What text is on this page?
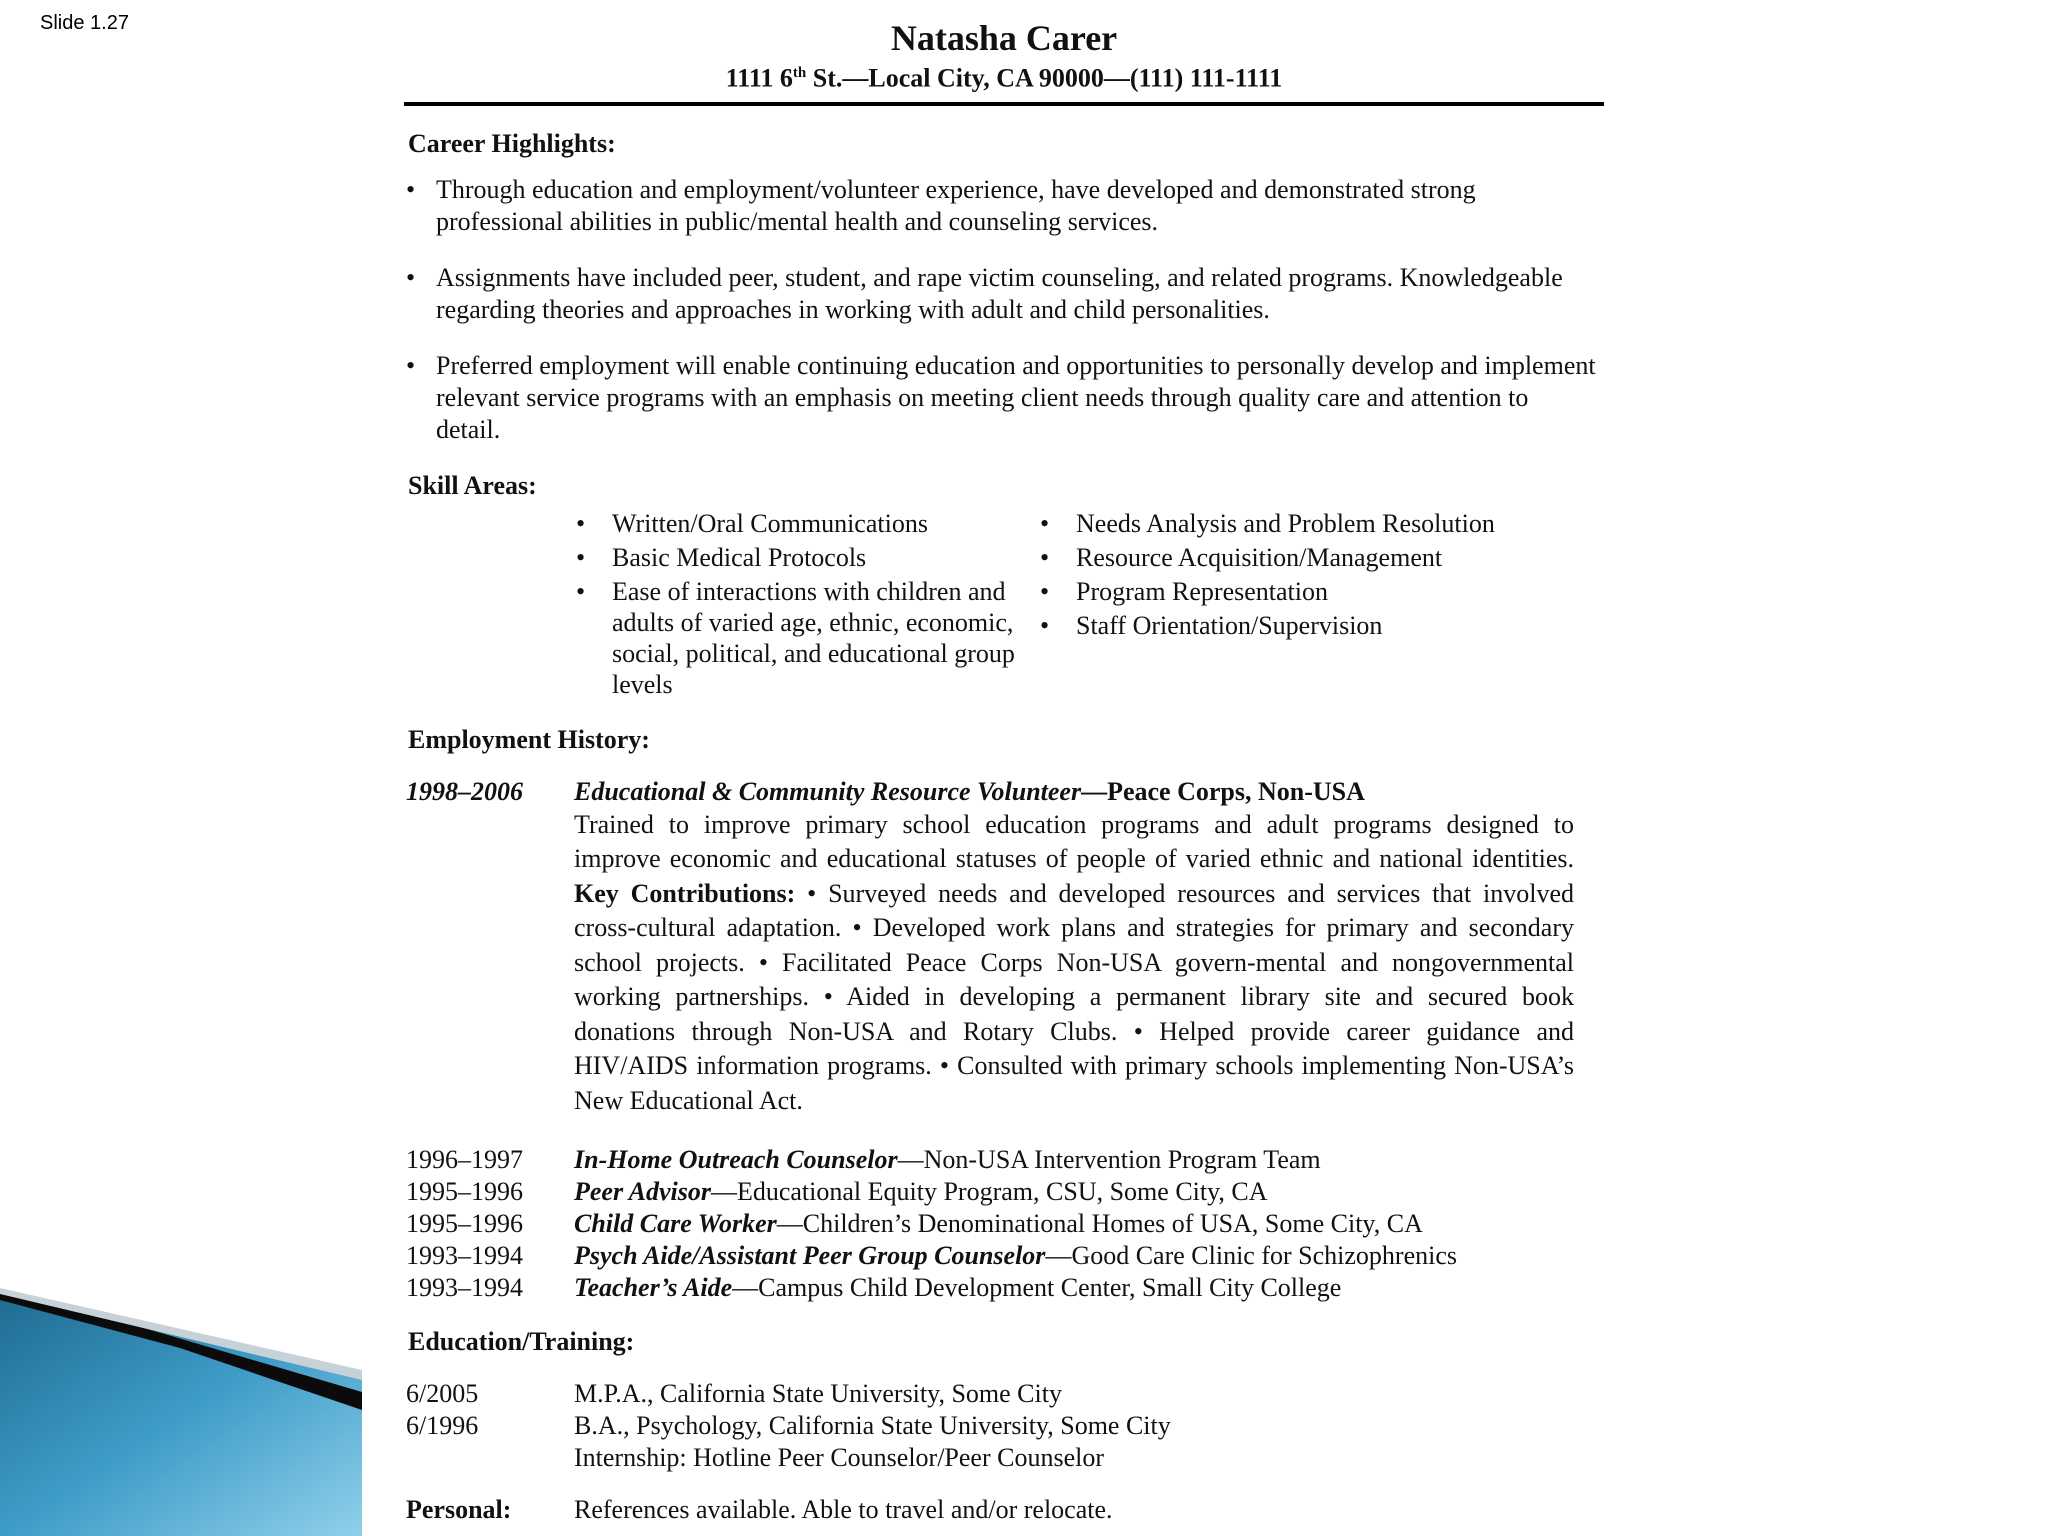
Slide 1.27	Natasha Carer
1111 6th St.—Local City, CA 90000—(111) 111-1111
Career Highlights:
• Through education and employment/volunteer experience, have developed and demonstrated strong professional abilities in public/mental health and counseling services.
• Assignments have included peer, student, and rape victim counseling, and related programs. Knowledgeable regarding theories and approaches in working with adult and child personalities.
• Preferred employment will enable continuing education and opportunities to personally develop and implement relevant service programs with an emphasis on meeting client needs through quality care and attention to detail.
Skill Areas:
• Written/Oral Communications
• Basic Medical Protocols
• Ease of interactions with children and adults of varied age, ethnic, economic, social, political, and educational group levels
• Needs Analysis and Problem Resolution
• Resource Acquisition/Management
• Program Representation
• Staff Orientation/Supervision
Employment History:
1998–2006	Educational & Community Resource Volunteer—Peace Corps, Non-USA
Trained to improve primary school education programs and adult programs designed to improve economic and educational statuses of people of varied ethnic and national identities. Key Contributions: • Surveyed needs and developed resources and services that involved cross-cultural adaptation. • Developed work plans and strategies for primary and secondary school projects. • Facilitated Peace Corps Non-USA govern-mental and nongovernmental working partnerships. • Aided in developing a permanent library site and secured book donations through Non-USA and Rotary Clubs. • Helped provide career guidance and HIV/AIDS information programs. • Consulted with primary schools implementing Non-USA’s New Educational Act.
1996–1997	In-Home Outreach Counselor—Non-USA Intervention Program Team
1995–1996	Peer Advisor—Educational Equity Program, CSU, Some City, CA
1995–1996	Child Care Worker—Children’s Denominational Homes of USA, Some City, CA
1993–1994	Psych Aide/Assistant Peer Group Counselor—Good Care Clinic for Schizophrenics
1993–1994	Teacher’s Aide—Campus Child Development Center, Small City College
Education/Training:
6/2005	M.P.A., California State University, Some City
6/1996	B.A., Psychology, California State University, Some City
Internship: Hotline Peer Counselor/Peer Counselor
Personal:	References available. Able to travel and/or relocate.
